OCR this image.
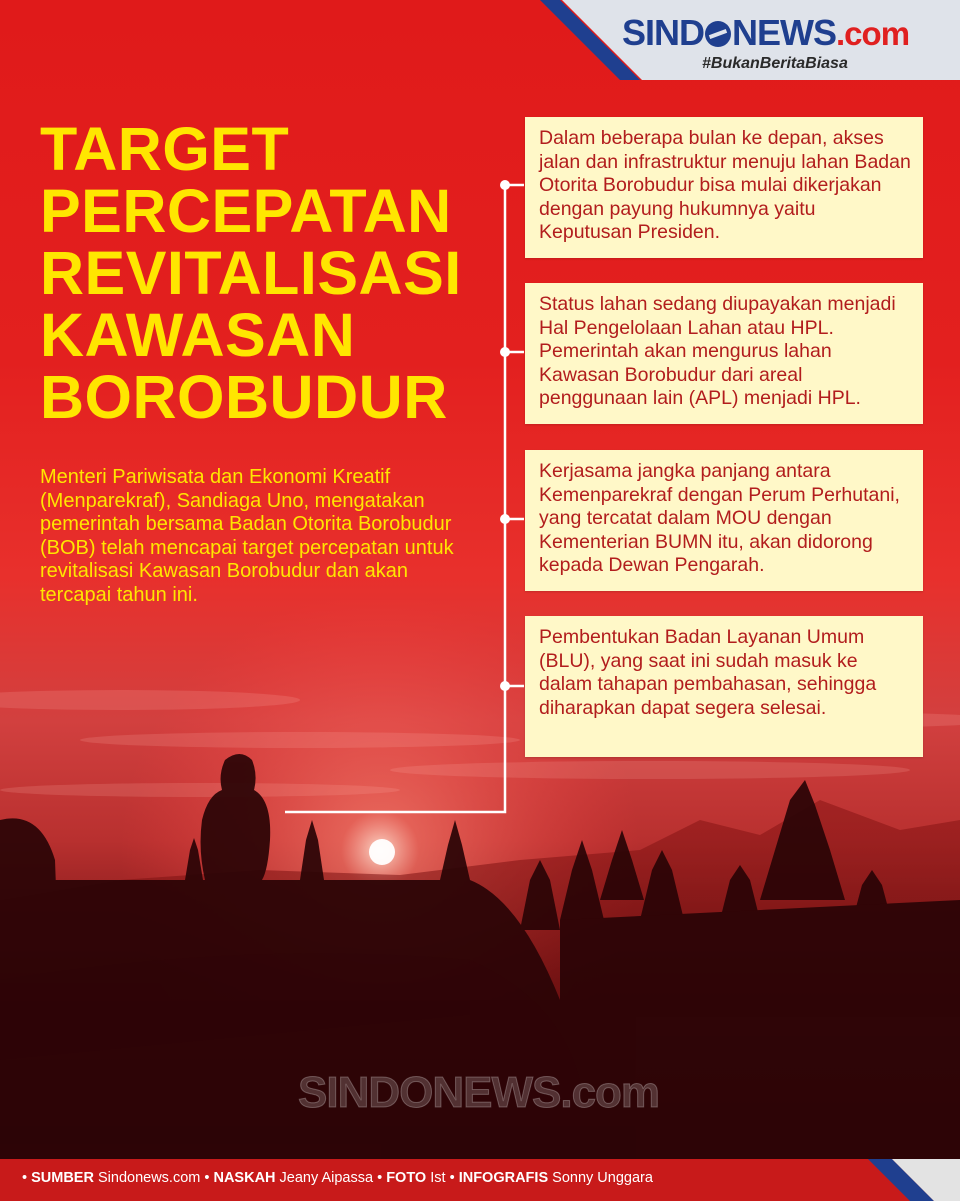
SIND NEWS.com
#BukanBeritaBiasa
TARGET
PERCEPATAN
REVITALISASI
KAWASAN
BOROBUDUR

Menteri Pariwisata dan Ekonomi Kreatif (Menparekraf), Sandiaga Uno, mengatakan pemerintah bersama Badan Otorita Borobudur (BOB) telah mencapai target percepatan untuk revitalisasi Kawasan Borobudur dan akan tercapai tahun ini.

Dalam beberapa bulan ke depan, akses jalan dan infrastruktur menuju lahan Badan Otorita Borobudur bisa mulai dikerjakan dengan payung hukumnya yaitu Keputusan Presiden.
Status lahan sedang diupayakan menjadi Hal Pengelolaan Lahan atau HPL. Pemerintah akan mengurus lahan Kawasan Borobudur dari areal penggunaan lain (APL) menjadi HPL.
Kerjasama jangka panjang antara Kemenparekraf dengan Perum Perhutani, yang tercatat dalam MOU dengan Kementerian BUMN itu, akan didorong kepada Dewan Pengarah.
Pembentukan Badan Layanan Umum (BLU), yang saat ini sudah masuk ke dalam tahapan pembahasan, sehingga diharapkan dapat segera selesai.
SINDONEWS.com
• SUMBER Sindonews.com • NASKAH Jeany Aipassa • FOTO Ist • INFOGRAFIS Sonny Unggara
